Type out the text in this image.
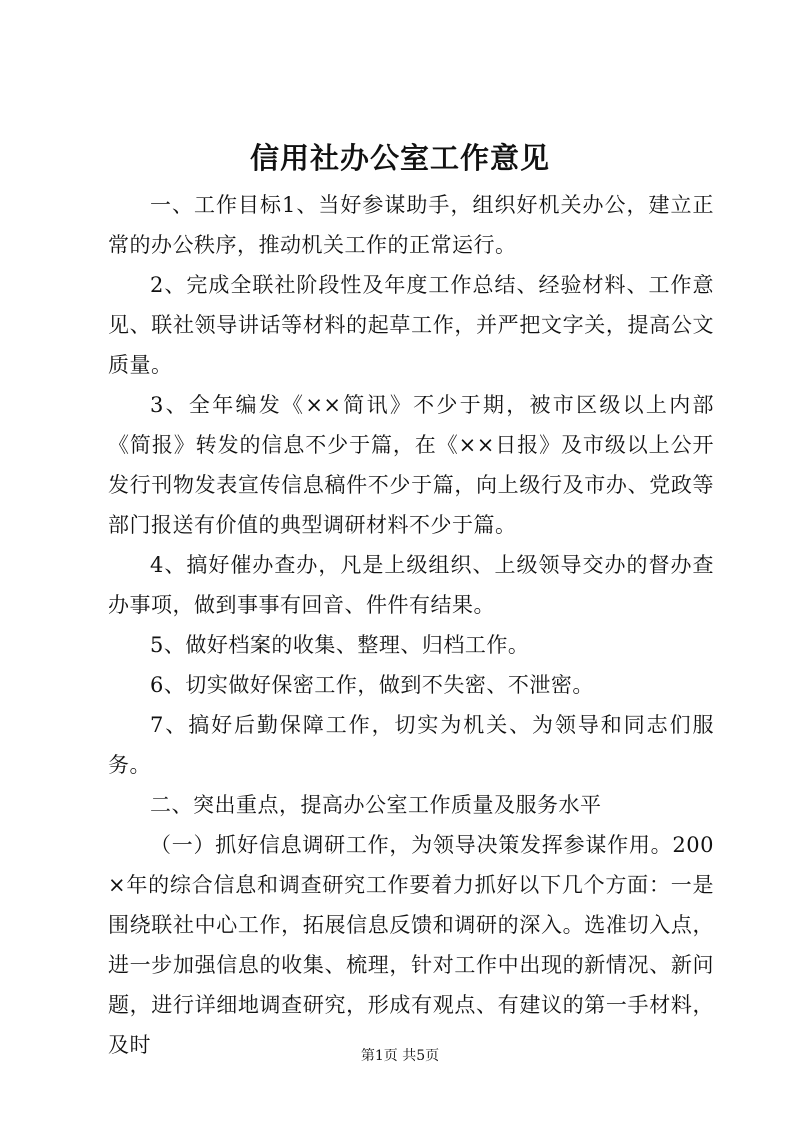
信用社办公室工作意见

一、工作目标1、当好参谋助手，组织好机关办公，建立正常的办公秩序，推动机关工作的正常运行。

2、完成全联社阶段性及年度工作总结、经验材料、工作意见、联社领导讲话等材料的起草工作，并严把文字关，提高公文质量。

3、全年编发《××简讯》不少于期，被市区级以上内部《简报》转发的信息不少于篇，在《××日报》及市级以上公开发行刊物发表宣传信息稿件不少于篇，向上级行及市办、党政等部门报送有价值的典型调研材料不少于篇。

4、搞好催办查办，凡是上级组织、上级领导交办的督办查办事项，做到事事有回音、件件有结果。

5、做好档案的收集、整理、归档工作。

6、切实做好保密工作，做到不失密、不泄密。

7、搞好后勤保障工作，切实为机关、为领导和同志们服务。

二、突出重点，提高办公室工作质量及服务水平

（一）抓好信息调研工作，为领导决策发挥参谋作用。200×年的综合信息和调查研究工作要着力抓好以下几个方面：一是围绕联社中心工作，拓展信息反馈和调研的深入。选准切入点，进一步加强信息的收集、梳理，针对工作中出现的新情况、新问题，进行详细地调查研究，形成有观点、有建议的第一手材料，及时	第1页 共5页
